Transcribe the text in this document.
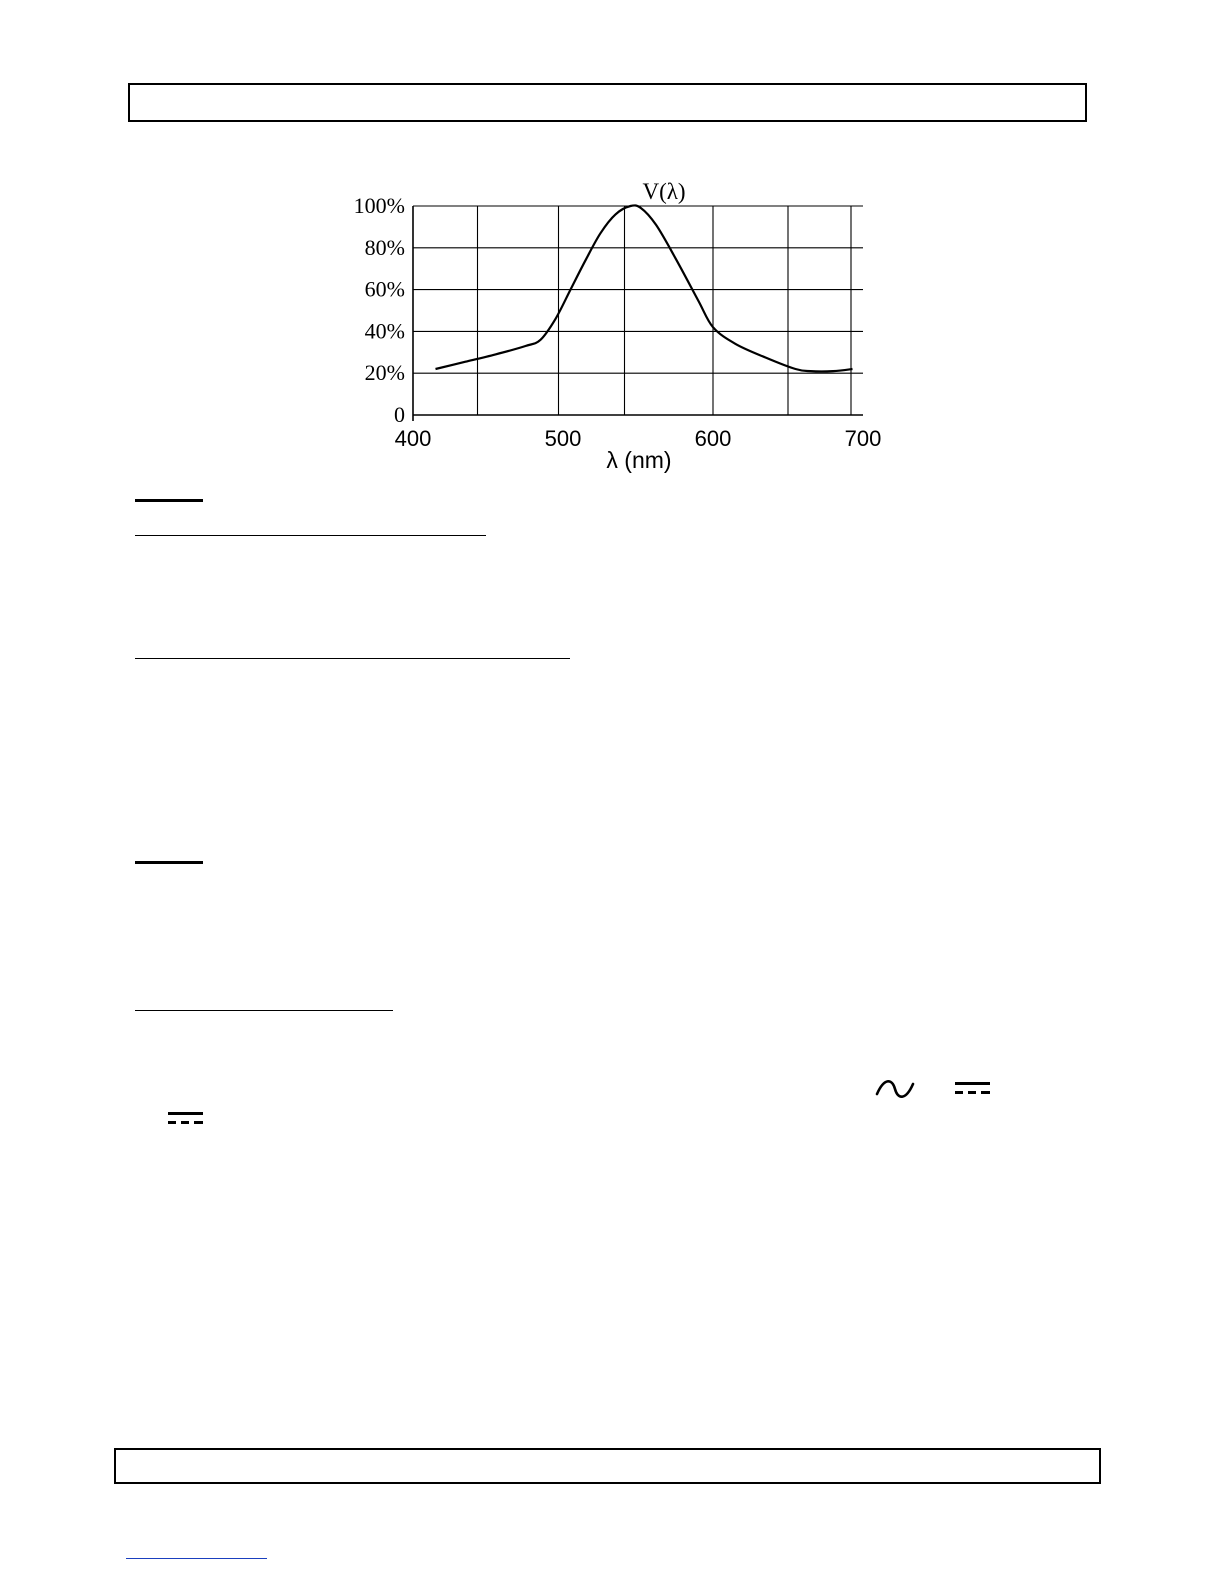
0
20%
40%
60%
80%
100%
400	500	600	700
V(λ)
λ (nm)
